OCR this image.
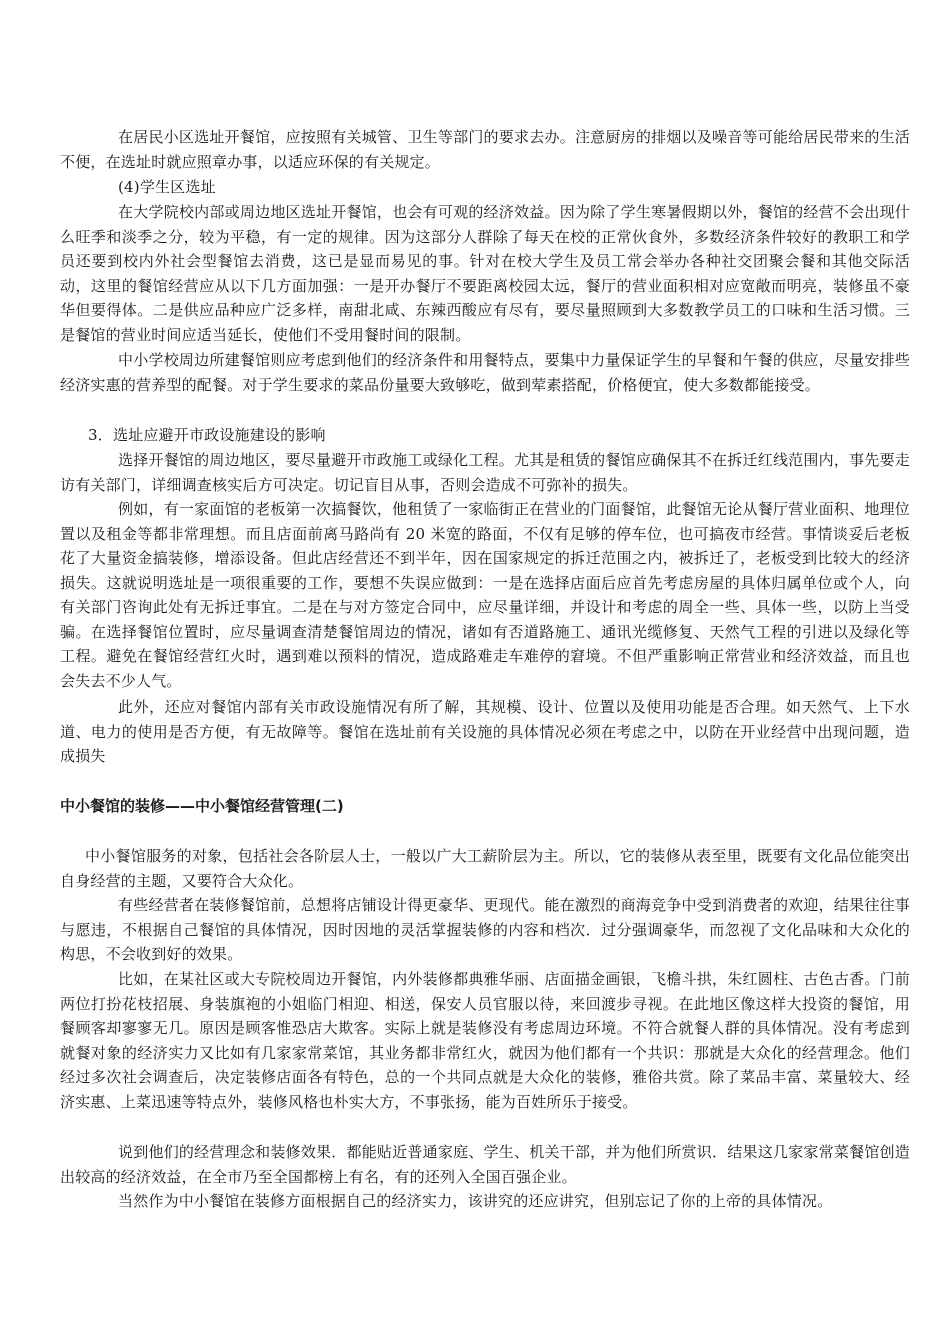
在居民小区选址开餐馆，应按照有关城管、卫生等部门的要求去办。注意厨房的排烟以及噪音等可能给居民带来的生活不便，在选址时就应照章办事，以适应环保的有关规定。

(4)学生区选址

在大学院校内部或周边地区选址开餐馆，也会有可观的经济效益。因为除了学生寒暑假期以外，餐馆的经营不会出现什么旺季和淡季之分，较为平稳，有一定的规律。因为这部分人群除了每天在校的正常伙食外，多数经济条件较好的教职工和学员还要到校内外社会型餐馆去消费，这已是显而易见的事。针对在校大学生及员工常会举办各种社交团聚会餐和其他交际活动，这里的餐馆经营应从以下几方面加强：一是开办餐厅不要距离校园太远，餐厅的营业面积相对应宽敞而明亮，装修虽不豪华但要得体。二是供应品种应广泛多样，南甜北咸、东辣西酸应有尽有，要尽量照顾到大多数教学员工的口味和生活习惯。三是餐馆的营业时间应适当延长，使他们不受用餐时间的限制。

中小学校周边所建餐馆则应考虑到他们的经济条件和用餐特点，要集中力量保证学生的早餐和午餐的供应，尽量安排些经济实惠的营养型的配餐。对于学生要求的菜品份量要大致够吃，做到荤素搭配，价格便宜，使大多数都能接受。

3．选址应避开市政设施建设的影响

选择开餐馆的周边地区，要尽量避开市政施工或绿化工程。尤其是租赁的餐馆应确保其不在拆迁红线范围内，事先要走访有关部门，详细调查核实后方可决定。切记盲目从事，否则会造成不可弥补的损失。

例如，有一家面馆的老板第一次搞餐饮，他租赁了一家临街正在营业的门面餐馆，此餐馆无论从餐厅营业面积、地理位置以及租金等都非常理想。而且店面前离马路尚有 20 米宽的路面，不仅有足够的停车位，也可搞夜市经营。事情谈妥后老板花了大量资金搞装修，增添设备。但此店经营还不到半年，因在国家规定的拆迁范围之内，被拆迁了，老板受到比较大的经济损失。这就说明选址是一项很重要的工作，要想不失误应做到：一是在选择店面后应首先考虑房屋的具体归属单位或个人，向有关部门咨询此处有无拆迁事宜。二是在与对方签定合同中，应尽量详细，并设计和考虑的周全一些、具体一些，以防上当受骗。在选择餐馆位置时，应尽量调查清楚餐馆周边的情况，诸如有否道路施工、通讯光缆修复、天然气工程的引进以及绿化等工程。避免在餐馆经营红火时，遇到难以预料的情况，造成路难走车难停的窘境。不但严重影响正常营业和经济效益，而且也会失去不少人气。

此外，还应对餐馆内部有关市政设施情况有所了解，其规模、设计、位置以及使用功能是否合理。如天然气、上下水道、电力的使用是否方便，有无故障等。餐馆在选址前有关设施的具体情况必须在考虑之中，以防在开业经营中出现问题，造成损失

中小餐馆的装修——中小餐馆经营管理(二)

中小餐馆服务的对象，包括社会各阶层人士，一般以广大工薪阶层为主。所以，它的装修从表至里，既要有文化品位能突出自身经营的主题，又要符合大众化。

有些经营者在装修餐馆前，总想将店铺设计得更豪华、更现代。能在激烈的商海竞争中受到消费者的欢迎，结果往往事与愿违，不根据自己餐馆的具体情况，因时因地的灵活掌握装修的内容和档次．过分强调豪华，而忽视了文化品味和大众化的构思，不会收到好的效果。

比如，在某社区或大专院校周边开餐馆，内外装修都典雅华丽、店面描金画银，飞檐斗拱，朱红圆柱、古色古香。门前两位打扮花枝招展、身装旗袍的小姐临门相迎、相送，保安人员官服以待，来回渡步寻视。在此地区像这样大投资的餐馆，用餐顾客却寥寥无几。原因是顾客惟恐店大欺客。实际上就是装修没有考虑周边环境。不符合就餐人群的具体情况。没有考虑到就餐对象的经济实力又比如有几家家常菜馆，其业务都非常红火，就因为他们都有一个共识：那就是大众化的经营理念。他们经过多次社会调查后，决定装修店面各有特色，总的一个共同点就是大众化的装修，雅俗共赏。除了菜品丰富、菜量较大、经济实惠、上菜迅速等特点外，装修风格也朴实大方，不事张扬，能为百姓所乐于接受。

说到他们的经营理念和装修效果．都能贴近普通家庭、学生、机关干部，并为他们所赏识．结果这几家家常菜餐馆创造出较高的经济效益，在全市乃至全国都榜上有名，有的还列入全国百强企业。

当然作为中小餐馆在装修方面根据自己的经济实力，该讲究的还应讲究，但别忘记了你的上帝的具体情况。
